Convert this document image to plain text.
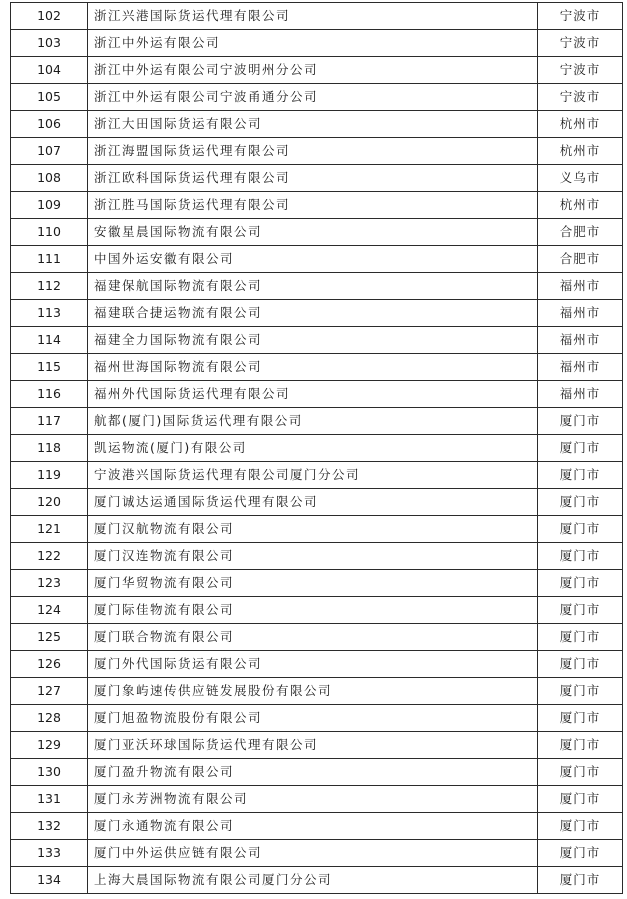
102	浙江兴港国际货运代理有限公司	宁波市
103	浙江中外运有限公司	宁波市
104	浙江中外运有限公司宁波明州分公司	宁波市
105	浙江中外运有限公司宁波甬通分公司	宁波市
106	浙江大田国际货运有限公司	杭州市
107	浙江海盟国际货运代理有限公司	杭州市
108	浙江欧科国际货运代理有限公司	义乌市
109	浙江胜马国际货运代理有限公司	杭州市
110	安徽星晨国际物流有限公司	合肥市
111	中国外运安徽有限公司	合肥市
112	福建保航国际物流有限公司	福州市
113	福建联合捷运物流有限公司	福州市
114	福建全力国际物流有限公司	福州市
115	福州世海国际物流有限公司	福州市
116	福州外代国际货运代理有限公司	福州市
117	航都(厦门)国际货运代理有限公司	厦门市
118	凯运物流(厦门)有限公司	厦门市
119	宁波港兴国际货运代理有限公司厦门分公司	厦门市
120	厦门诚达运通国际货运代理有限公司	厦门市
121	厦门汉航物流有限公司	厦门市
122	厦门汉连物流有限公司	厦门市
123	厦门华贸物流有限公司	厦门市
124	厦门际佳物流有限公司	厦门市
125	厦门联合物流有限公司	厦门市
126	厦门外代国际货运有限公司	厦门市
127	厦门象屿速传供应链发展股份有限公司	厦门市
128	厦门旭盈物流股份有限公司	厦门市
129	厦门亚沃环球国际货运代理有限公司	厦门市
130	厦门盈升物流有限公司	厦门市
131	厦门永芳洲物流有限公司	厦门市
132	厦门永通物流有限公司	厦门市
133	厦门中外运供应链有限公司	厦门市
134	上海大晨国际物流有限公司厦门分公司	厦门市
